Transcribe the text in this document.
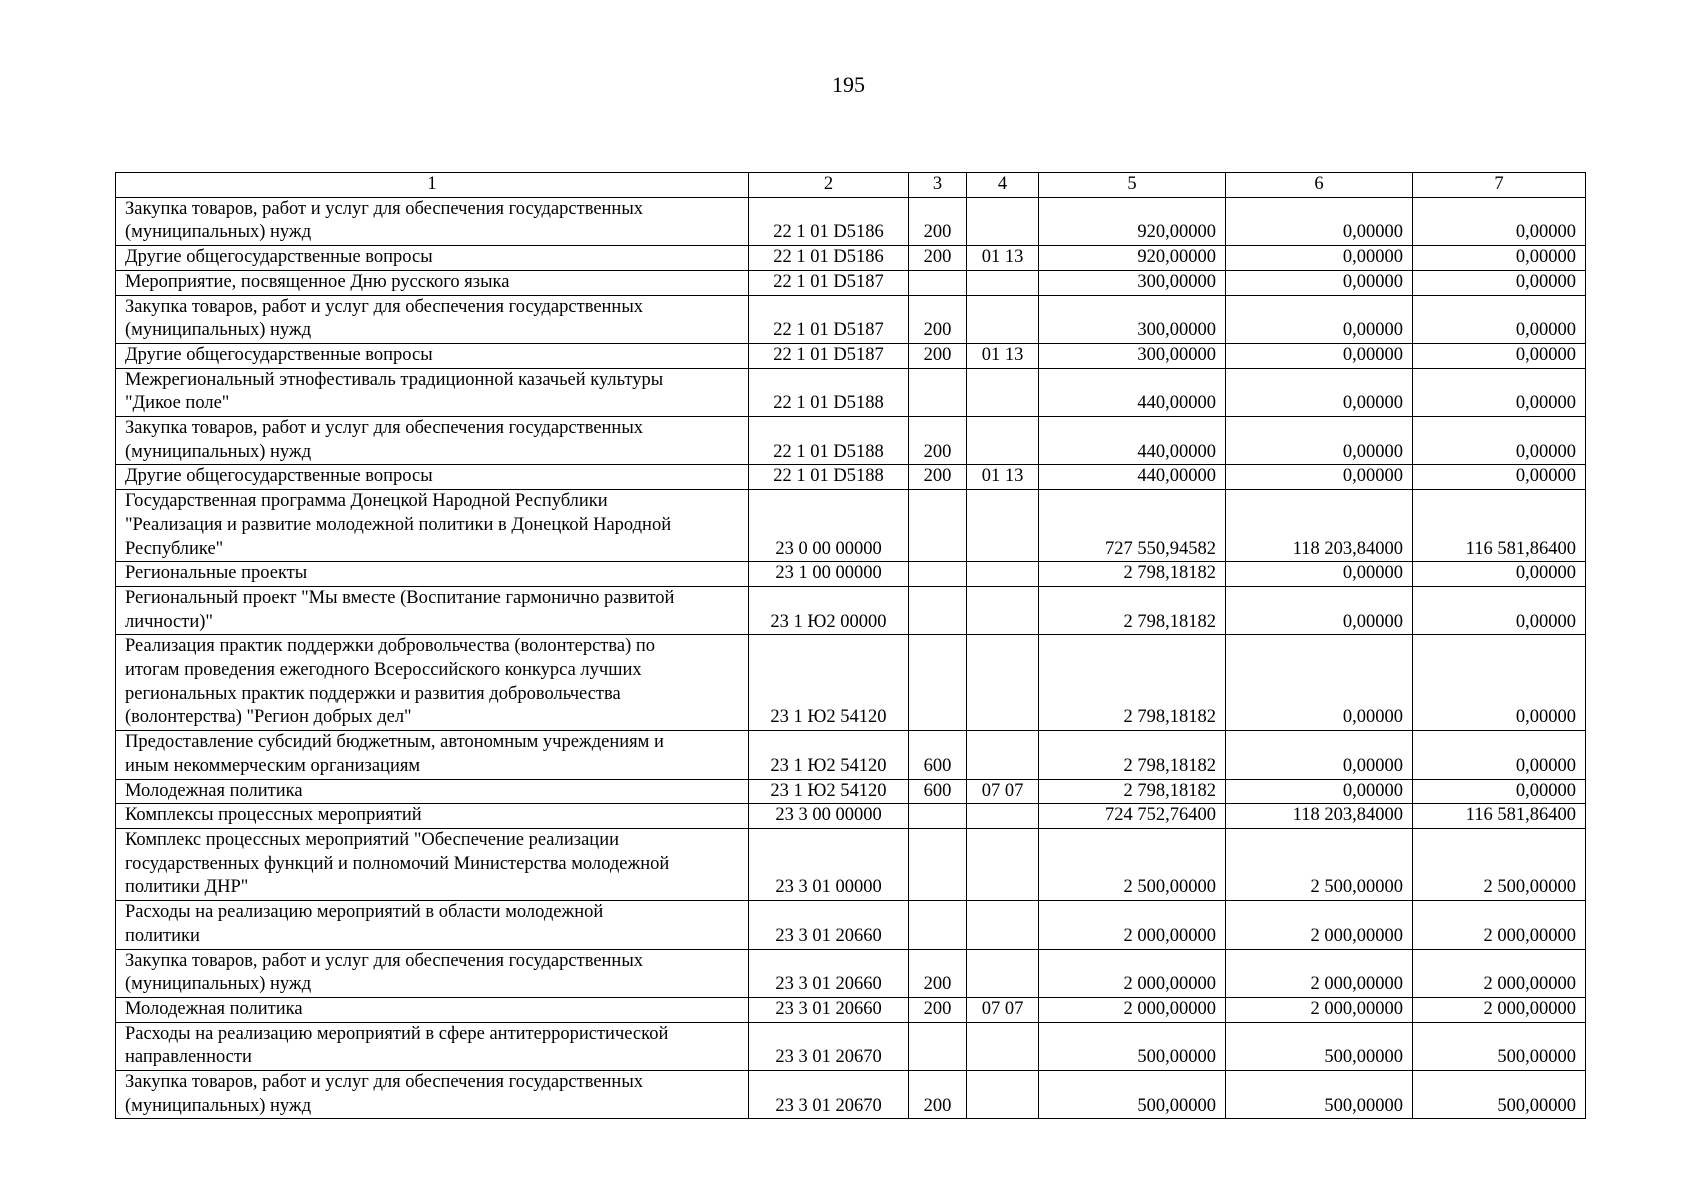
195
1	2	3	4	5	6	7
Закупка товаров, работ и услуг для обеспечения государственных
(муниципальных) нужд	22 1 01 D5186	200		920,00000	0,00000	0,00000
Другие общегосударственные вопросы	22 1 01 D5186	200	01 13	920,00000	0,00000	0,00000
Мероприятие, посвященное Дню русского языка	22 1 01 D5187			300,00000	0,00000	0,00000
Закупка товаров, работ и услуг для обеспечения государственных
(муниципальных) нужд	22 1 01 D5187	200		300,00000	0,00000	0,00000
Другие общегосударственные вопросы	22 1 01 D5187	200	01 13	300,00000	0,00000	0,00000
Межрегиональный этнофестиваль традиционной казачьей культуры
"Дикое поле"	22 1 01 D5188			440,00000	0,00000	0,00000
Закупка товаров, работ и услуг для обеспечения государственных
(муниципальных) нужд	22 1 01 D5188	200		440,00000	0,00000	0,00000
Другие общегосударственные вопросы	22 1 01 D5188	200	01 13	440,00000	0,00000	0,00000
Государственная программа Донецкой Народной Республики
"Реализация и развитие молодежной политики в Донецкой Народной
Республике"	23 0 00 00000			727 550,94582	118 203,84000	116 581,86400
Региональные проекты	23 1 00 00000			2 798,18182	0,00000	0,00000
Региональный проект "Мы вместе (Воспитание гармонично развитой
личности)"	23 1 Ю2 00000			2 798,18182	0,00000	0,00000
Реализация практик поддержки добровольчества (волонтерства) по
итогам проведения ежегодного Всероссийского конкурса лучших
региональных практик поддержки и развития добровольчества
(волонтерства) "Регион добрых дел"	23 1 Ю2 54120			2 798,18182	0,00000	0,00000
Предоставление субсидий бюджетным, автономным учреждениям и
иным некоммерческим организациям	23 1 Ю2 54120	600		2 798,18182	0,00000	0,00000
Молодежная политика	23 1 Ю2 54120	600	07 07	2 798,18182	0,00000	0,00000
Комплексы процессных мероприятий	23 3 00 00000			724 752,76400	118 203,84000	116 581,86400
Комплекс процессных мероприятий "Обеспечение реализации
государственных функций и полномочий Министерства молодежной
политики ДНР"	23 3 01 00000			2 500,00000	2 500,00000	2 500,00000
Расходы на реализацию мероприятий в области молодежной
политики	23 3 01 20660			2 000,00000	2 000,00000	2 000,00000
Закупка товаров, работ и услуг для обеспечения государственных
(муниципальных) нужд	23 3 01 20660	200		2 000,00000	2 000,00000	2 000,00000
Молодежная политика	23 3 01 20660	200	07 07	2 000,00000	2 000,00000	2 000,00000
Расходы на реализацию мероприятий в сфере антитеррористической
направленности	23 3 01 20670			500,00000	500,00000	500,00000
Закупка товаров, работ и услуг для обеспечения государственных
(муниципальных) нужд	23 3 01 20670	200		500,00000	500,00000	500,00000
